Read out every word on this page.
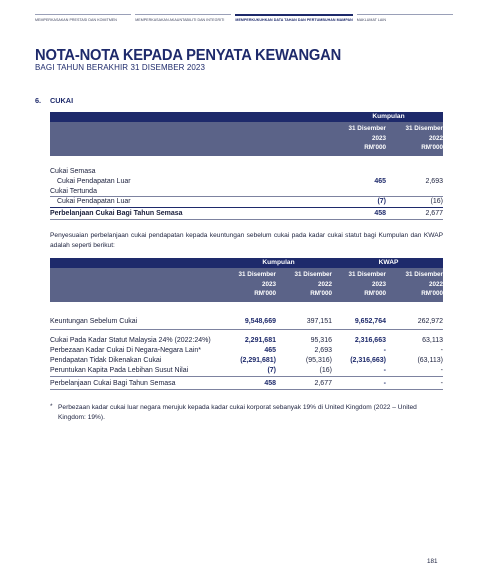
MEMPERKASAKAN PRESTASI DAN KOMITMEN	MEMPERKASAKAN AKAUNTABILITI DAN INTEGRITI	MEMPERKUKUHKAN DATA TAHAN DAN PERTUMBUHAN MAMPAN MAKLUMAT LAIN
NOTA-NOTA KEPADA PENYATA KEWANGAN
BAGI TAHUN BERAKHIR 31 DISEMBER 2023
6. CUKAI
Kumpulan
31 Disember
2023
RM'000
31 Disember
2022
RM'000
Cukai Semasa
Cukai Pendapatan Luar	465	2,693
Cukai Tertunda
Cukai Pendapatan Luar	(7)	(16)
Perbelanjaan Cukai Bagi Tahun Semasa	458	2,677
Penyesuaian perbelanjaan cukai pendapatan kepada keuntungan sebelum cukai pada kadar cukai statut bagi Kumpulan dan KWAP adalah seperti berikut:
Kumpulan	KWAP
31 Disember
2023
RM'000
31 Disember
2022
RM'000
31 Disember
2023
RM'000
31 Disember
2022
RM'000
Keuntungan Sebelum Cukai	9,548,669	397,151	9,652,764	262,972
Cukai Pada Kadar Statut Malaysia 24% (2022:24%)	2,291,681	95,316	2,316,663	63,113
Perbezaan Kadar Cukai Di Negara-Negara Lain*	465	2,693	-	-
Pendapatan Tidak Dikenakan Cukai	(2,291,681)	(95,316)	(2,316,663)	(63,113)
Peruntukan Kapita Pada Lebihan Susut Nilai	(7)	(16)	-	-
Perbelanjaan Cukai Bagi Tahun Semasa	458	2,677	-	-
* Perbezaan kadar cukai luar negara merujuk kepada kadar cukai korporat sebanyak 19% di United Kingdom (2022 – United Kingdom: 19%).
181
